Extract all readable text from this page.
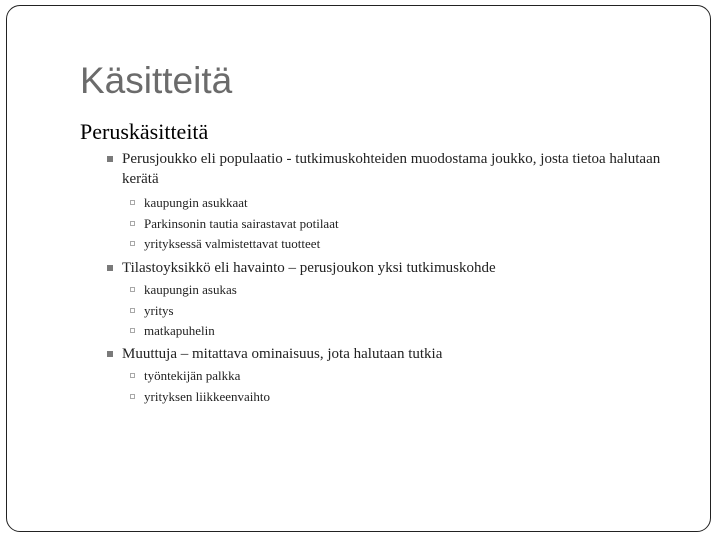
Käsitteitä
Peruskäsitteitä
Perusjoukko eli populaatio - tutkimuskohteiden muodostama joukko, josta tietoa halutaan kerätä
kaupungin asukkaat
Parkinsonin tautia sairastavat potilaat
yrityksessä valmistettavat tuotteet
Tilastoyksikkö eli havainto – perusjoukon yksi tutkimuskohde
kaupungin asukas
yritys
matkapuhelin
Muuttuja – mitattava ominaisuus, jota halutaan tutkia
työntekijän palkka
yrityksen liikkeenvaihto
